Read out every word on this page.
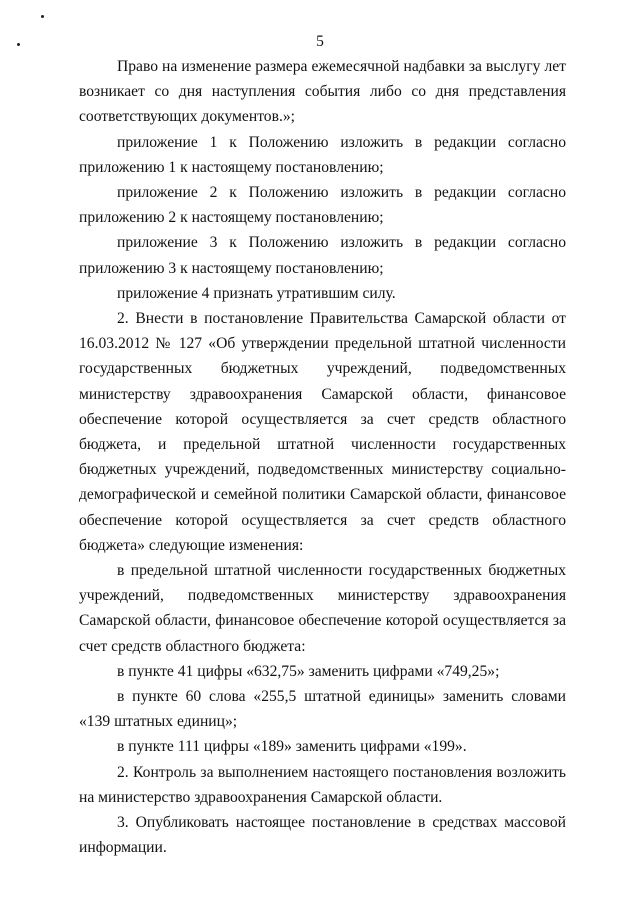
5

Право на изменение размера ежемесячной надбавки за выслугу лет возникает со дня наступления события либо со дня представления соответствующих документов.»;

приложение 1 к Положению изложить в редакции согласно приложению 1 к настоящему постановлению;

приложение 2 к Положению изложить в редакции согласно приложению 2 к настоящему постановлению;

приложение 3 к Положению изложить в редакции согласно приложению 3 к настоящему постановлению;

приложение 4 признать утратившим силу.

2. Внести в постановление Правительства Самарской области от 16.03.2012 № 127 «Об утверждении предельной штатной численности государственных бюджетных учреждений, подведомственных министерству здравоохранения Самарской области, финансовое обеспечение которой осуществляется за счет средств областного бюджета, и предельной штатной численности государственных бюджетных учреждений, подведомственных министерству социально-демографической и семейной политики Самарской области, финансовое обеспечение которой осуществляется за счет средств областного бюджета» следующие изменения:

в предельной штатной численности государственных бюджетных учреждений, подведомственных министерству здравоохранения Самарской области, финансовое обеспечение которой осуществляется за счет средств областного бюджета:

в пункте 41 цифры «632,75» заменить цифрами «749,25»;

в пункте 60 слова «255,5 штатной единицы» заменить словами «139 штатных единиц»;

в пункте 111 цифры «189» заменить цифрами «199».

2. Контроль за выполнением настоящего постановления возложить на министерство здравоохранения Самарской области.

3. Опубликовать настоящее постановление в средствах массовой информации.
